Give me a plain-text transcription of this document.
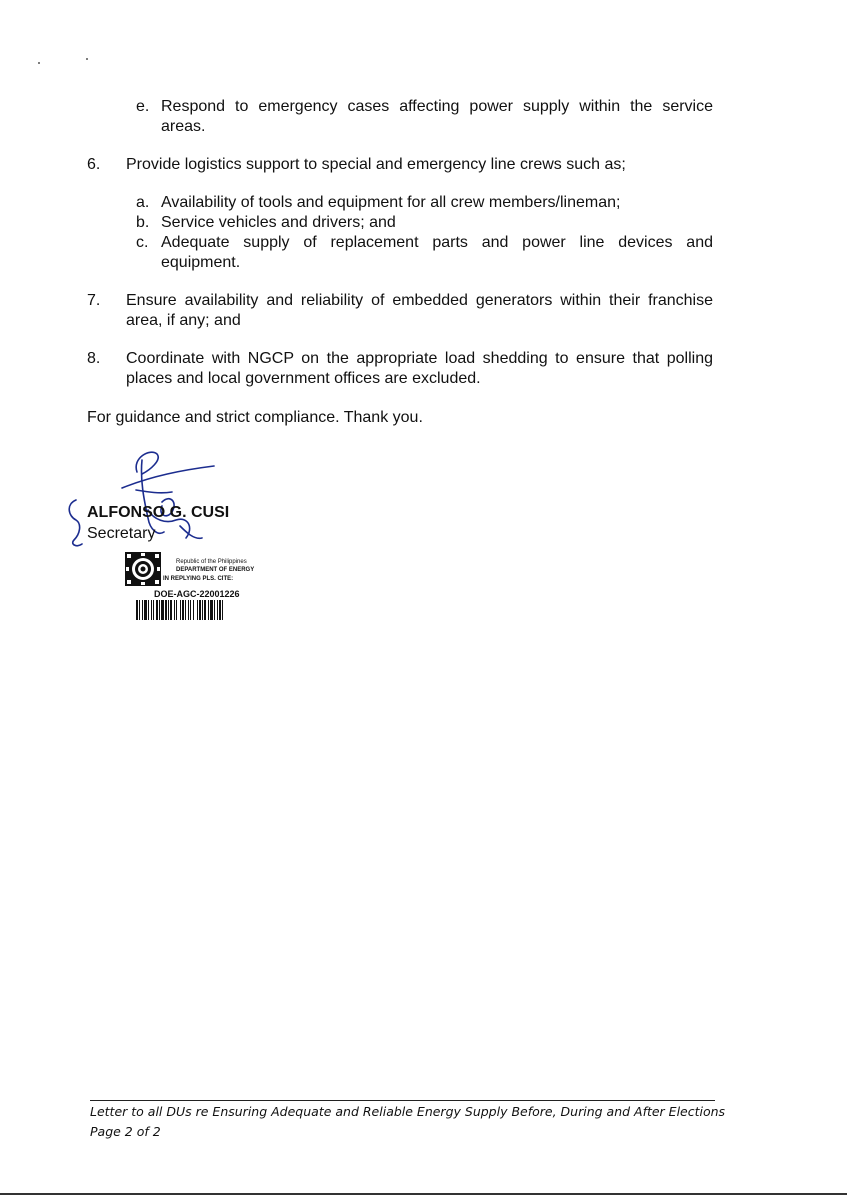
e. Respond to emergency cases affecting power supply within the service
areas.
6. Provide logistics support to special and emergency line crews such as;
a. Availability of tools and equipment for all crew members/lineman;
b. Service vehicles and drivers; and
c. Adequate supply of replacement parts and power line devices and
equipment.
7. Ensure availability and reliability of embedded generators within their franchise
area, if any; and
8. Coordinate with NGCP on the appropriate load shedding to ensure that polling
places and local government offices are excluded.
For guidance and strict compliance. Thank you.
ALFONSO G. CUSI
Secretary
Republic of the Philippines
DEPARTMENT OF ENERGY
IN REPLYING PLS. CITE:
DOE-AGC-22001226
Letter to all DUs re Ensuring Adequate and Reliable Energy Supply Before, During and After Elections
Page 2 of 2
